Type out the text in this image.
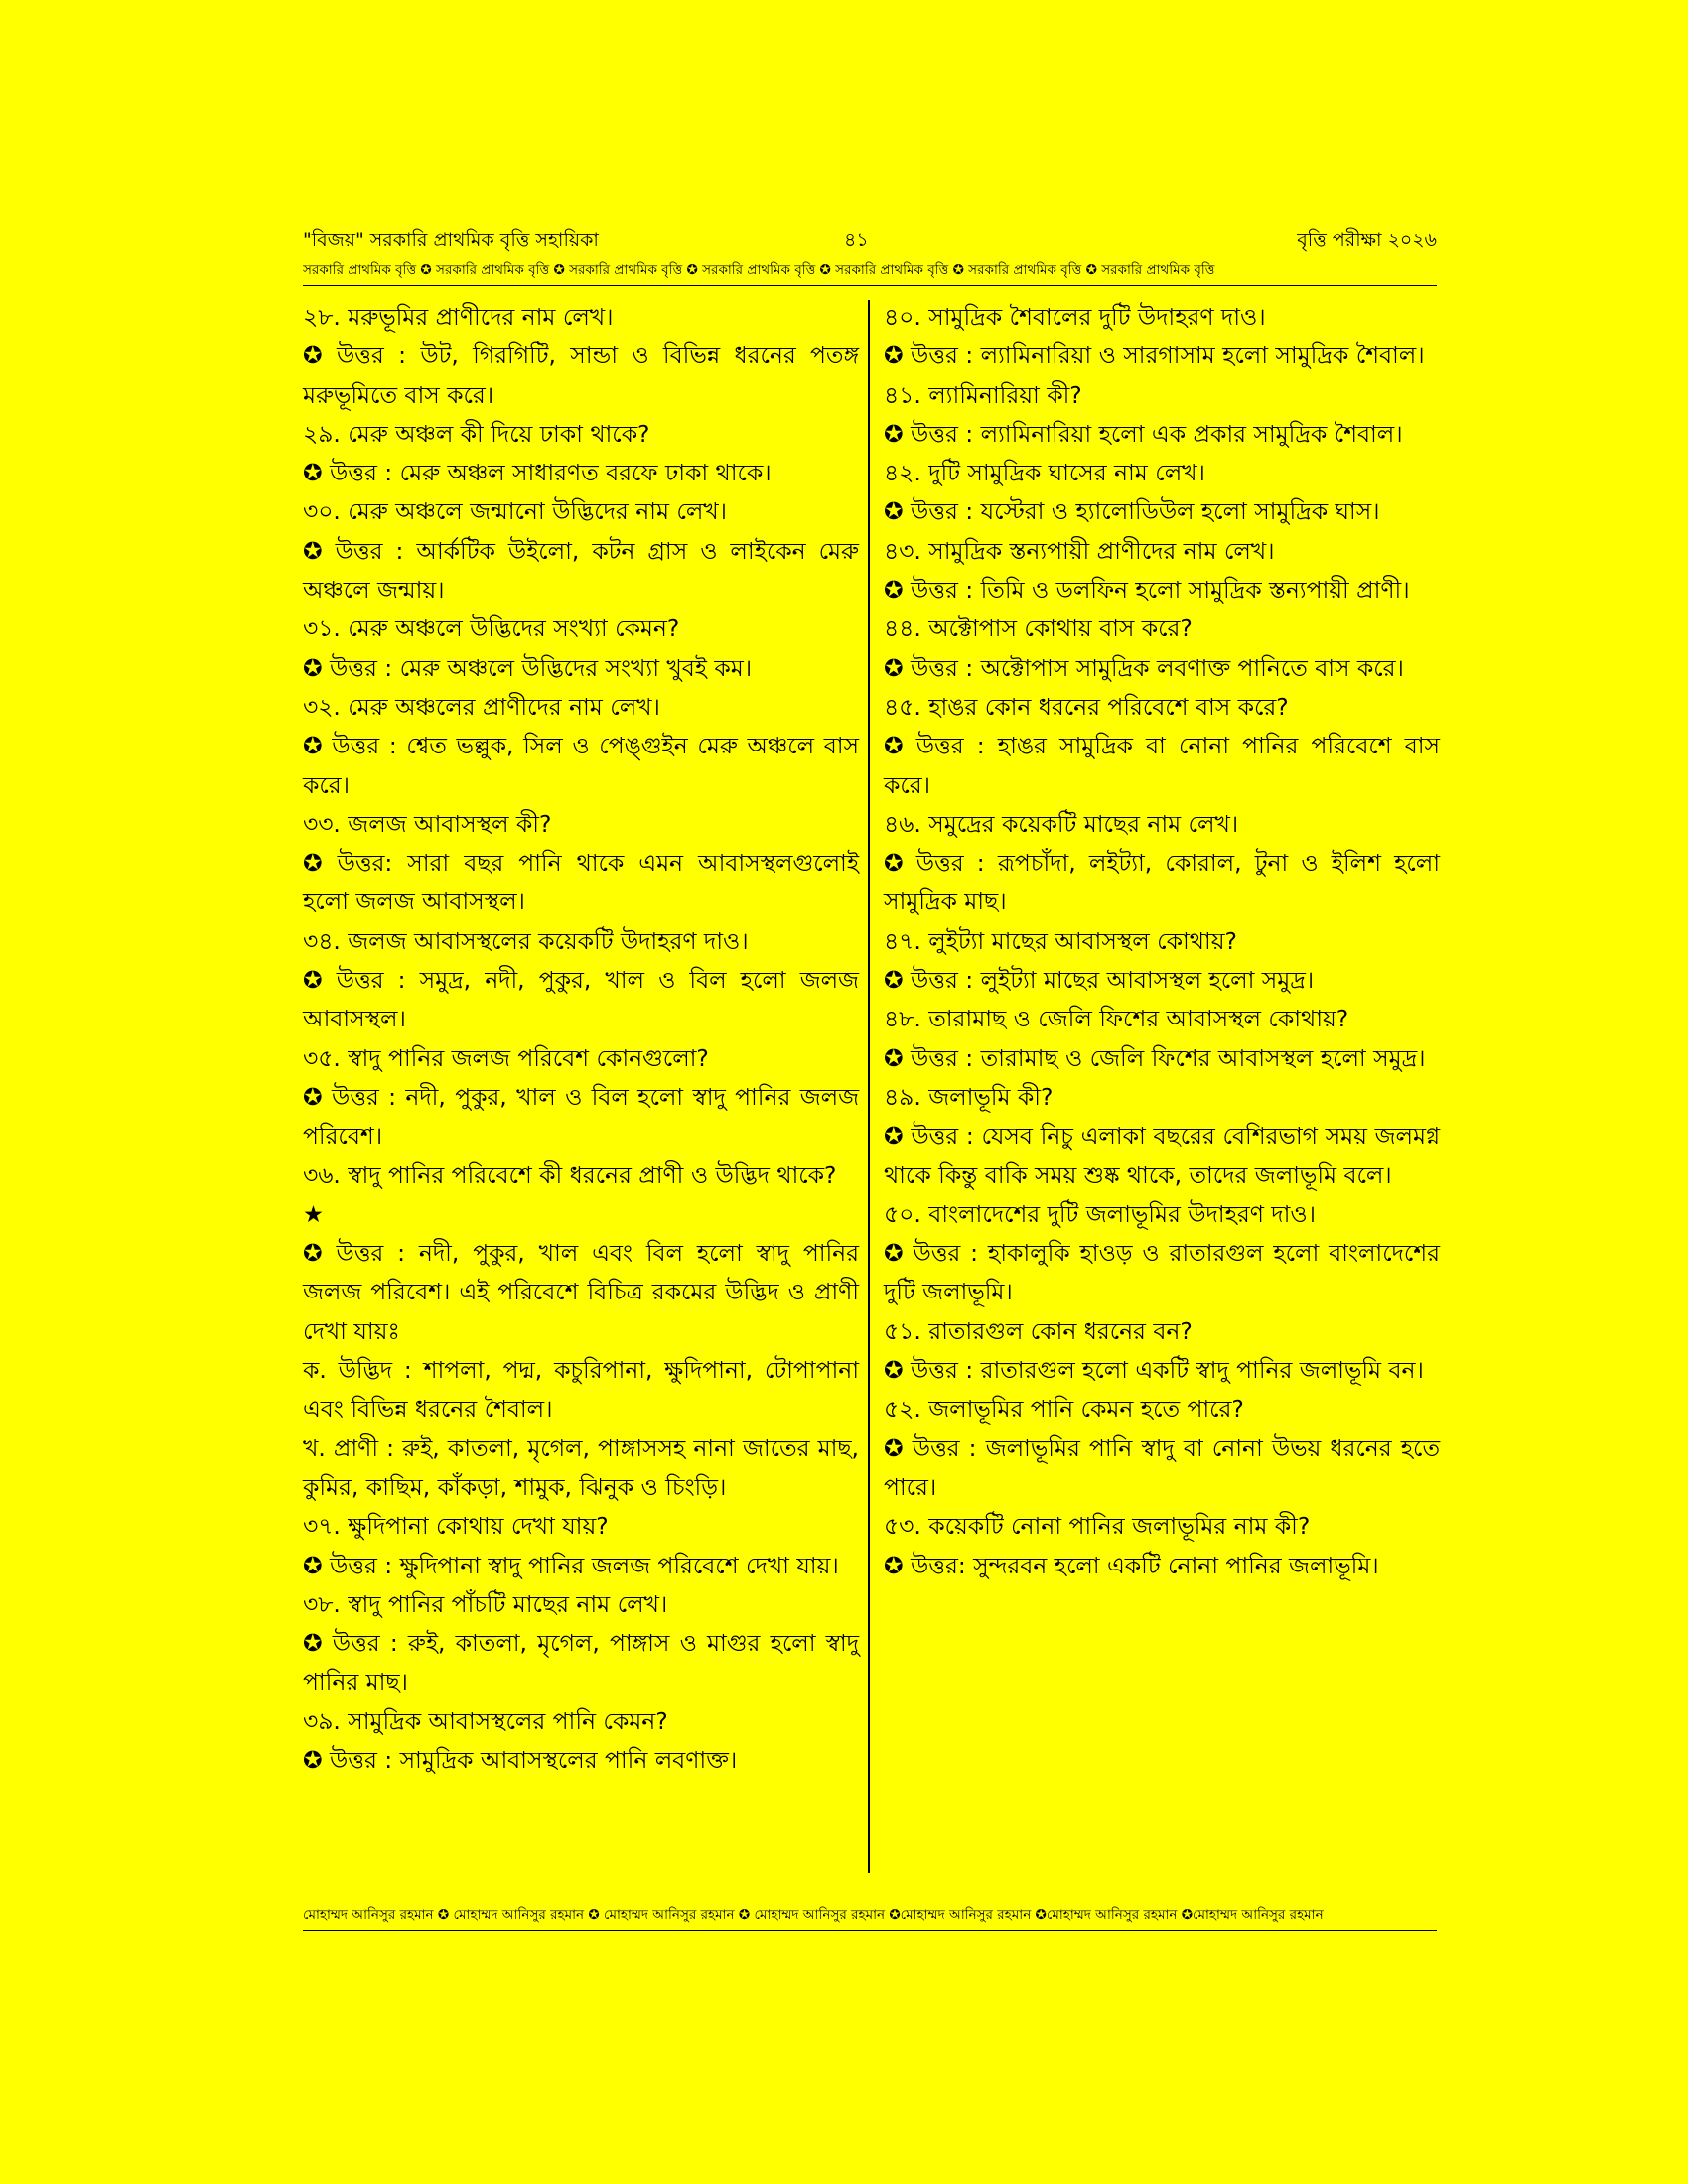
"বিজয়" সরকারি প্রাথমিক বৃত্তি সহায়িকা	৪১	বৃত্তি পরীক্ষা ২০২৬
সরকারি প্রাথমিক বৃত্তি ✪ সরকারি প্রাথমিক বৃত্তি ✪ সরকারি প্রাথমিক বৃত্তি ✪ সরকারি প্রাথমিক বৃত্তি ✪ সরকারি প্রাথমিক বৃত্তি ✪ সরকারি প্রাথমিক বৃত্তি ✪ সরকারি প্রাথমিক বৃত্তি
২৮. মরুভূমির প্রাণীদের নাম লেখ।
✪ উত্তর : উট, গিরগিটি, সান্ডা ও বিভিন্ন ধরনের পতঙ্গ মরুভূমিতে বাস করে।
২৯. মেরু অঞ্চল কী দিয়ে ঢাকা থাকে?
✪ উত্তর : মেরু অঞ্চল সাধারণত বরফে ঢাকা থাকে।
৩০. মেরু অঞ্চলে জন্মানো উদ্ভিদের নাম লেখ।
✪ উত্তর : আর্কটিক উইলো, কটন গ্রাস ও লাইকেন মেরু অঞ্চলে জন্মায়।
৩১. মেরু অঞ্চলে উদ্ভিদের সংখ্যা কেমন?
✪ উত্তর : মেরু অঞ্চলে উদ্ভিদের সংখ্যা খুবই কম।
৩২. মেরু অঞ্চলের প্রাণীদের নাম লেখ।
✪ উত্তর : শ্বেত ভল্লুক, সিল ও পেঙ্গুইন মেরু অঞ্চলে বাস করে।
৩৩. জলজ আবাসস্থল কী?
✪ উত্তর: সারা বছর পানি থাকে এমন আবাসস্থলগুলোই হলো জলজ আবাসস্থল।
৩৪. জলজ আবাসস্থলের কয়েকটি উদাহরণ দাও।
✪ উত্তর : সমুদ্র, নদী, পুকুর, খাল ও বিল হলো জলজ আবাসস্থল।
৩৫. স্বাদু পানির জলজ পরিবেশ কোনগুলো?
✪ উত্তর : নদী, পুকুর, খাল ও বিল হলো স্বাদু পানির জলজ পরিবেশ।
৩৬. স্বাদু পানির পরিবেশে কী ধরনের প্রাণী ও উদ্ভিদ থাকে? ★
✪ উত্তর : নদী, পুকুর, খাল এবং বিল হলো স্বাদু পানির জলজ পরিবেশ। এই পরিবেশে বিচিত্র রকমের উদ্ভিদ ও প্রাণী দেখা যায়ঃ
ক. উদ্ভিদ : শাপলা, পদ্ম, কচুরিপানা, ক্ষুদিপানা, টোপাপানা এবং বিভিন্ন ধরনের শৈবাল।
খ. প্রাণী : রুই, কাতলা, মৃগেল, পাঙ্গাসসহ নানা জাতের মাছ, কুমির, কাছিম, কাঁকড়া, শামুক, ঝিনুক ও চিংড়ি।
৩৭. ক্ষুদিপানা কোথায় দেখা যায়?
✪ উত্তর : ক্ষুদিপানা স্বাদু পানির জলজ পরিবেশে দেখা যায়।
৩৮. স্বাদু পানির পাঁচটি মাছের নাম লেখ।
✪ উত্তর : রুই, কাতলা, মৃগেল, পাঙ্গাস ও মাগুর হলো স্বাদু পানির মাছ।
৩৯. সামুদ্রিক আবাসস্থলের পানি কেমন?
✪ উত্তর : সামুদ্রিক আবাসস্থলের পানি লবণাক্ত।
৪০. সামুদ্রিক শৈবালের দুটি উদাহরণ দাও।
✪ উত্তর : ল্যামিনারিয়া ও সারগাসাম হলো সামুদ্রিক শৈবাল।
৪১. ল্যামিনারিয়া কী?
✪ উত্তর : ল্যামিনারিয়া হলো এক প্রকার সামুদ্রিক শৈবাল।
৪২. দুটি সামুদ্রিক ঘাসের নাম লেখ।
✪ উত্তর : যস্টেরা ও হ্যালোডিউল হলো সামুদ্রিক ঘাস।
৪৩. সামুদ্রিক স্তন্যপায়ী প্রাণীদের নাম লেখ।
✪ উত্তর : তিমি ও ডলফিন হলো সামুদ্রিক স্তন্যপায়ী প্রাণী।
৪৪. অক্টোপাস কোথায় বাস করে?
✪ উত্তর : অক্টোপাস সামুদ্রিক লবণাক্ত পানিতে বাস করে।
৪৫. হাঙর কোন ধরনের পরিবেশে বাস করে?
✪ উত্তর : হাঙর সামুদ্রিক বা নোনা পানির পরিবেশে বাস করে।
৪৬. সমুদ্রের কয়েকটি মাছের নাম লেখ।
✪ উত্তর : রূপচাঁদা, লইট্যা, কোরাল, টুনা ও ইলিশ হলো সামুদ্রিক মাছ।
৪৭. লুইট্যা মাছের আবাসস্থল কোথায়?
✪ উত্তর : লুইট্যা মাছের আবাসস্থল হলো সমুদ্র।
৪৮. তারামাছ ও জেলি ফিশের আবাসস্থল কোথায়?
✪ উত্তর : তারামাছ ও জেলি ফিশের আবাসস্থল হলো সমুদ্র।
৪৯. জলাভূমি কী?
✪ উত্তর : যেসব নিচু এলাকা বছরের বেশিরভাগ সময় জলমগ্ন থাকে কিন্তু বাকি সময় শুষ্ক থাকে, তাদের জলাভূমি বলে।
৫০. বাংলাদেশের দুটি জলাভূমির উদাহরণ দাও।
✪ উত্তর : হাকালুকি হাওড় ও রাতারগুল হলো বাংলাদেশের দুটি জলাভূমি।
৫১. রাতারগুল কোন ধরনের বন?
✪ উত্তর : রাতারগুল হলো একটি স্বাদু পানির জলাভূমি বন।
৫২. জলাভূমির পানি কেমন হতে পারে?
✪ উত্তর : জলাভূমির পানি স্বাদু বা নোনা উভয় ধরনের হতে পারে।
৫৩. কয়েকটি নোনা পানির জলাভূমির নাম কী?
✪ উত্তর: সুন্দরবন হলো একটি নোনা পানির জলাভূমি।
মোহাম্মদ আনিসুর রহমান ✪ মোহাম্মদ আনিসুর রহমান ✪ মোহাম্মদ আনিসুর রহমান ✪ মোহাম্মদ আনিসুর রহমান ✪মোহাম্মদ আনিসুর রহমান ✪মোহাম্মদ আনিসুর রহমান ✪মোহাম্মদ আনিসুর রহমান
